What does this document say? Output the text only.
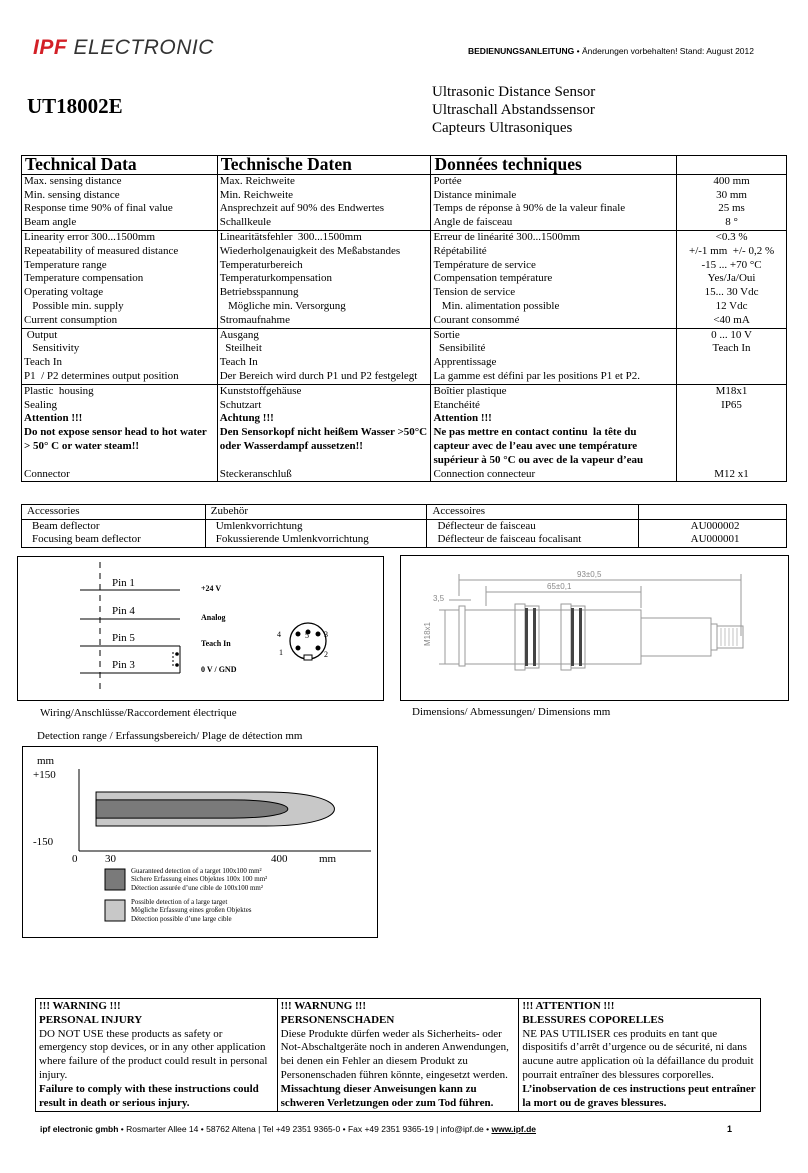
IPF ELECTRONIC	BEDIENUNGSANLEITUNG • Änderungen vorbehalten! Stand: August 2012
UT18002E
Ultrasonic Distance Sensor
Ultraschall Abstandssensor
Capteurs Ultrasoniques
Technical Data	Technische Daten	Données techniques	
Max. sensing distance	Max. Reichweite	Portée	400 mm
Min. sensing distance	Min. Reichweite	Distance minimale	30 mm
Response time 90% of final value	Ansprechzeit auf 90% des Endwertes	Temps de réponse à 90% de la valeur finale	25 ms
Beam angle	Schallkeule	Angle de faisceau	8 °
Linearity error 300...1500mm	Linearitätsfehler  300...1500mm	Erreur de linéarité 300...1500mm	<0.3 %
Repeatability of measured distance	Wiederholgenauigkeit des Meßabstandes	Répétabilité	+/-1 mm  +/- 0,2 %
Temperature range	Temperaturbereich	Température de service	-15 ... +70 °C
Temperature compensation	Temperaturkompensation	Compensation température	Yes/Ja/Oui
Operating voltage	Betriebsspannung	Tension de service	15... 30 Vdc
Possible min. supply	Mögliche min. Versorgung	Min. alimentation possible	12 Vdc
Current consumption	Stromaufnahme	Courant consommé	<40 mA
Output	Ausgang	Sortie	0 ... 10 V
Sensitivity	Steilheit	Sensibilité	Teach In
Teach In	Teach In	Apprentissage	
P1  / P2 determines output position	Der Bereich wird durch P1 und P2 festgelegt	La gamme est défini par les positions P1 et P2.	
Plastic  housing	Kunststoffgehäuse	Boîtier plastique	M18x1
Sealing	Schutzart	Etanchéité	IP65
Attention !!!	Achtung !!!	Attention !!!	
Do not expose sensor head to hot water > 50° C or water steam!!	Den Sensorkopf nicht heißem Wasser >50°C oder Wasserdampf aussetzen!!	Ne pas mettre en contact continu  la tête du capteur avec de l’eau avec une température supérieur à 50 °C ou avec de la vapeur d’eau	
Connector	Steckeranschluß	Connection connecteur	M12 x1
Accessories	Zubehör	Accessoires	
Beam deflector	Umlenkvorrichtung	Déflecteur de faisceau	AU000002
Focusing beam deflector	Fokussierende Umlenkvorrichtung	Déflecteur de faisceau focalisant	AU000001
Pin 1
Pin 4
Pin 5
Pin 3
+24 V
Analog
Teach In
0 V / GND
4	5 3
1	2
Wiring/Anschlüsse/Raccordement électrique
93±0,5
65±0,1
3,5
M18x1
Dimensions/ Abmessungen/ Dimensions mm
Detection range / Erfassungsbereich/ Plage de détection mm
mm
+150
-150
0	30	400	mm
Guaranteed detection of a target 100x100 mm²
Sichere Erfassung eines Objektes 100x 100 mm²
Détection assurée d’une cible de 100x100 mm²
Possible detection of a large target
Mögliche Erfassung eines großen Objektes
Détection possible d’une large cible
!!! WARNING !!!
PERSONAL INJURY
DO NOT USE these products as safety or emergency stop devices, or in any other application where failure of the product could result in personal injury.
Failure to comply with these instructions could result in death or serious injury.

!!! WARNUNG !!!
PERSONENSCHADEN
Diese Produkte dürfen weder als Sicherheits- oder Not-Abschaltgeräte noch in anderen Anwendungen, bei denen ein Fehler an diesem Produkt zu Personenschaden führen könnte, eingesetzt werden.
Missachtung dieser Anweisungen kann zu schweren Verletzungen oder zum Tod führen.

!!! ATTENTION !!!
BLESSURES COPORELLES
NE PAS UTILISER ces produits en tant que dispositifs d’arrêt d’urgence ou de sécurité, ni dans aucune autre application où la défaillance du produit pourrait entraîner des blessures corporelles.
L’inobservation de ces instructions peut entraîner la mort ou de graves blessures.
ipf electronic gmbh • Rosmarter Allee 14 • 58762 Altena | Tel +49 2351 9365-0 • Fax +49 2351 9365-19 | info@ipf.de • www.ipf.de	1
